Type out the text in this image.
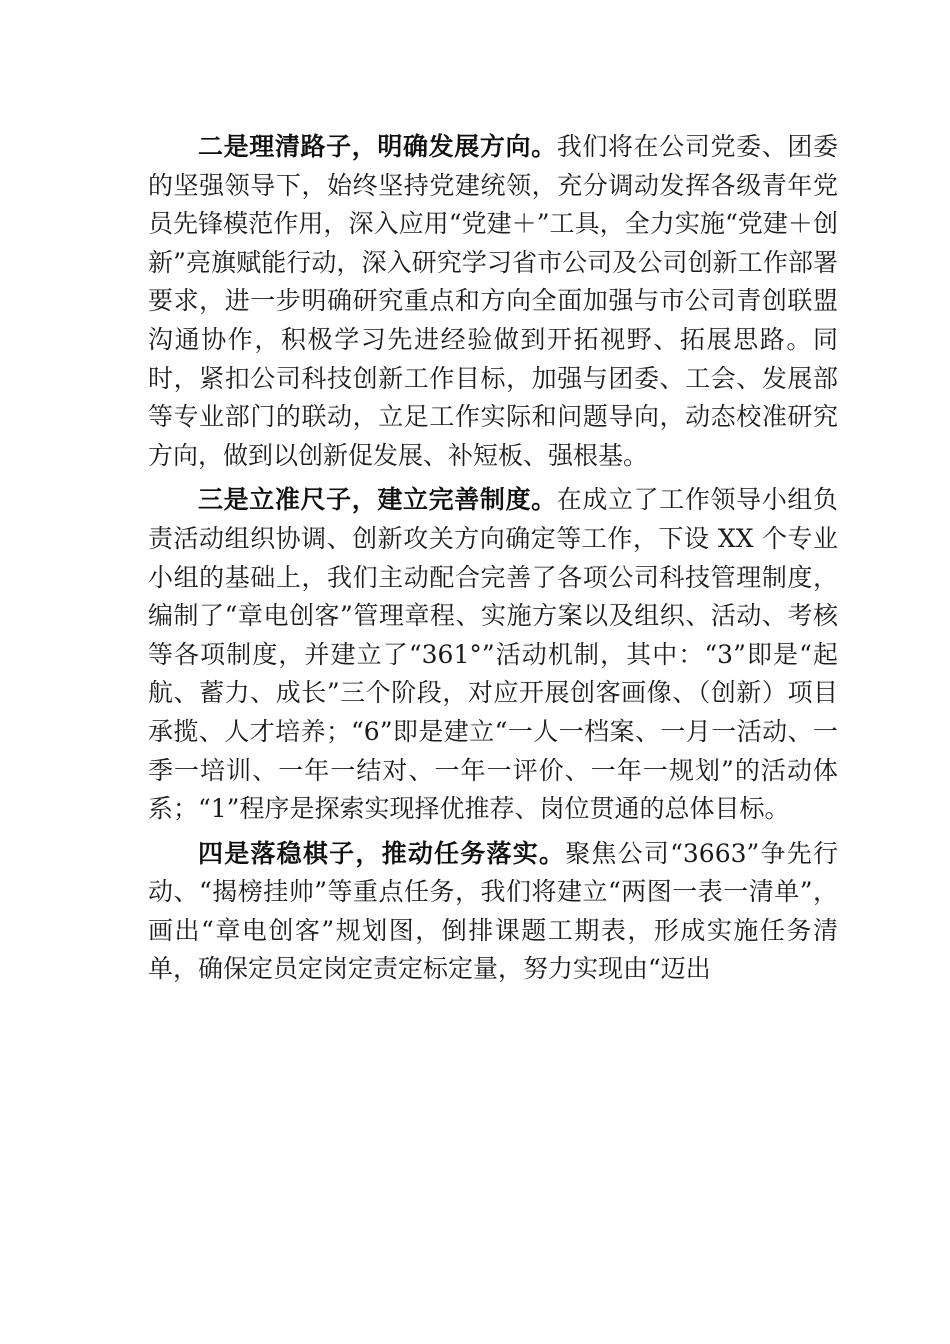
二是理清路子，明确发展方向。我们将在公司党委、团委的坚强领导下，始终坚持党建统领，充分调动发挥各级青年党员先锋模范作用，深入应用“党建＋”工具，全力实施“党建＋创新”亮旗赋能行动，深入研究学习省市公司及公司创新工作部署要求，进一步明确研究重点和方向全面加强与市公司青创联盟沟通协作，积极学习先进经验做到开拓视野、拓展思路。同时，紧扣公司科技创新工作目标，加强与团委、工会、发展部等专业部门的联动，立足工作实际和问题导向，动态校准研究方向，做到以创新促发展、补短板、强根基。

三是立准尺子，建立完善制度。在成立了工作领导小组负责活动组织协调、创新攻关方向确定等工作，下设 XX 个专业小组的基础上，我们主动配合完善了各项公司科技管理制度，编制了“章电创客”管理章程、实施方案以及组织、活动、考核等各项制度，并建立了“361°”活动机制，其中：“3”即是“起航、蓄力、成长”三个阶段，对应开展创客画像、（创新）项目承揽、人才培养；“6”即是建立“一人一档案、一月一活动、一季一培训、一年一结对、一年一评价、一年一规划”的活动体系；“1”程序是探索实现择优推荐、岗位贯通的总体目标。

四是落稳棋子，推动任务落实。聚焦公司“3663”争先行动、“揭榜挂帅”等重点任务，我们将建立“两图一表一清单”，画出“章电创客”规划图，倒排课题工期表，形成实施任务清单，确保定员定岗定责定标定量，努力实现由“迈出
